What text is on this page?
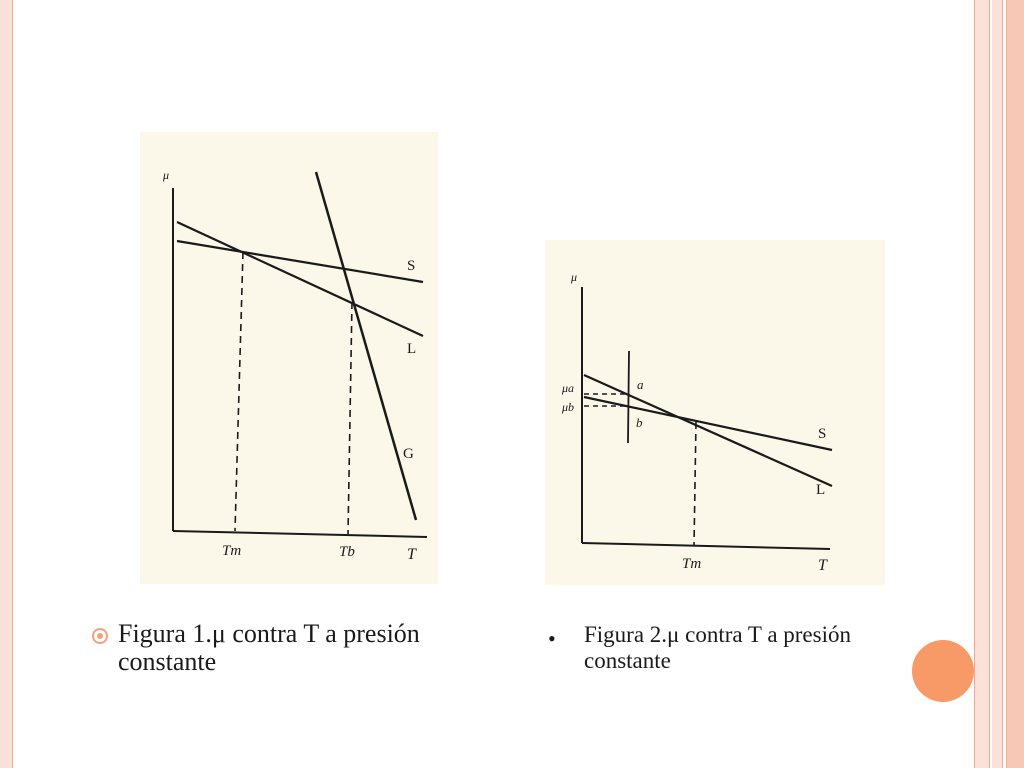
μ
T
S
L
G
Tm	Tb
μ
T
S
L
Tm
μa
μb
a
b
Figura 1.μ contra T a presión constante
• Figura 2.μ contra T a presión constante
